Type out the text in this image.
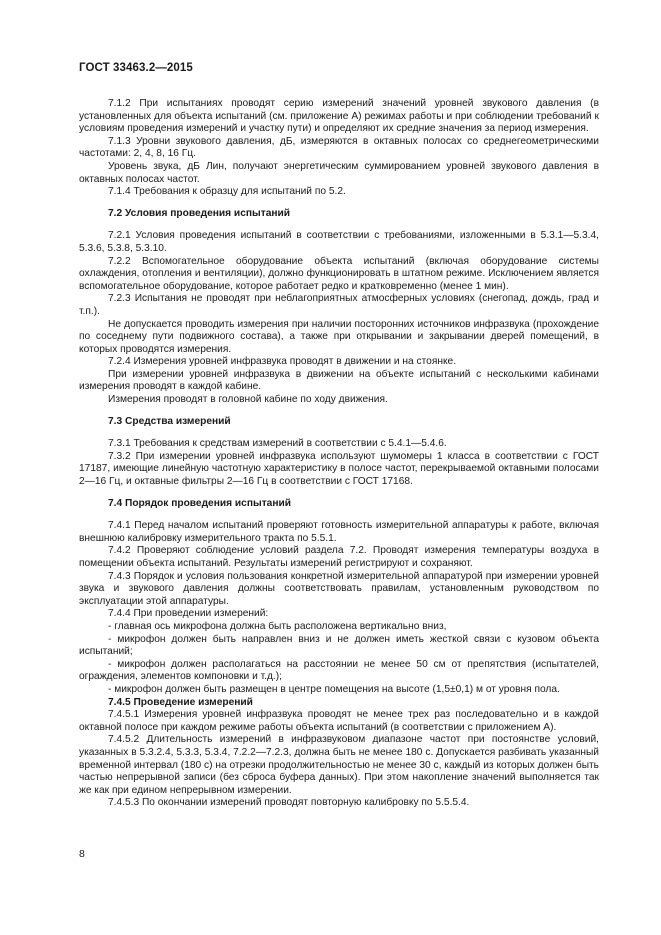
ГОСТ 33463.2—2015
7.1.2 При испытаниях проводят серию измерений значений уровней звукового давления (в установленных для объекта испытаний (см. приложение А) режимах работы и при соблюдении требований к условиям проведения измерений и участку пути) и определяют их средние значения за период измерения.
7.1.3 Уровни звукового давления, дБ, измеряются в октавных полосах со среднегеометрическими частотами: 2, 4, 8, 16 Гц.
Уровень звука, дБ Лин, получают энергетическим суммированием уровней звукового давления в октавных полосах частот.
7.1.4 Требования к образцу для испытаний по 5.2.
7.2 Условия проведения испытаний
7.2.1 Условия проведения испытаний в соответствии с требованиями, изложенными в 5.3.1—5.3.4, 5.3.6, 5.3.8, 5.3.10.
7.2.2 Вспомогательное оборудование объекта испытаний (включая оборудование системы охлаждения, отопления и вентиляции), должно функционировать в штатном режиме. Исключением является вспомогательное оборудование, которое работает редко и кратковременно (менее 1 мин).
7.2.3 Испытания не проводят при неблагоприятных атмосферных условиях (снегопад, дождь, град и т.п.).
Не допускается проводить измерения при наличии посторонних источников инфразвука (прохождение по соседнему пути подвижного состава), а также при открывании и закрывании дверей помещений, в которых проводятся измерения.
7.2.4 Измерения уровней инфразвука проводят в движении и на стоянке.
При измерении уровней инфразвука в движении на объекте испытаний с несколькими кабинами измерения проводят в каждой кабине.
Измерения проводят в головной кабине по ходу движения.
7.3 Средства измерений
7.3.1 Требования к средствам измерений в соответствии с 5.4.1—5.4.6.
7.3.2 При измерении уровней инфразвука используют шумомеры 1 класса в соответствии с ГОСТ 17187, имеющие линейную частотную характеристику в полосе частот, перекрываемой октавными полосами 2—16 Гц, и октавные фильтры 2—16 Гц в соответствии с ГОСТ 17168.
7.4 Порядок проведения испытаний
7.4.1 Перед началом испытаний проверяют готовность измерительной аппаратуры к работе, включая внешнюю калибровку измерительного тракта по 5.5.1.
7.4.2 Проверяют соблюдение условий раздела 7.2. Проводят измерения температуры воздуха в помещении объекта испытаний. Результаты измерений регистрируют и сохраняют.
7.4.3 Порядок и условия пользования конкретной измерительной аппаратурой при измерении уровней звука и звукового давления должны соответствовать правилам, установленным руководством по эксплуатации этой аппаратуры.
7.4.4 При проведении измерений:
- главная ось микрофона должна быть расположена вертикально вниз,
- микрофон должен быть направлен вниз и не должен иметь жесткой связи с кузовом объекта испытаний;
- микрофон должен располагаться на расстоянии не менее 50 см от препятствия (испытателей, ограждения, элементов компоновки и т.д.);
- микрофон должен быть размещен в центре помещения на высоте (1,5±0,1) м от уровня пола.
7.4.5 Проведение измерений
7.4.5.1 Измерения уровней инфразвука проводят не менее трех раз последовательно и в каждой октавной полосе при каждом режиме работы объекта испытаний (в соответствии с приложением А).
7.4.5.2 Длительность измерений в инфразвуковом диапазоне частот при постоянстве условий, указанных в 5.3.2.4, 5.3.3, 5.3.4, 7.2.2—7.2.3, должна быть не менее 180 с. Допускается разбивать указанный временной интервал (180 с) на отрезки продолжительностью не менее 30 с, каждый из которых должен быть частью непрерывной записи (без сброса буфера данных). При этом накопление значений выполняется так же как при едином непрерывном измерении.
7.4.5.3 По окончании измерений проводят повторную калибровку по 5.5.5.4.
8
